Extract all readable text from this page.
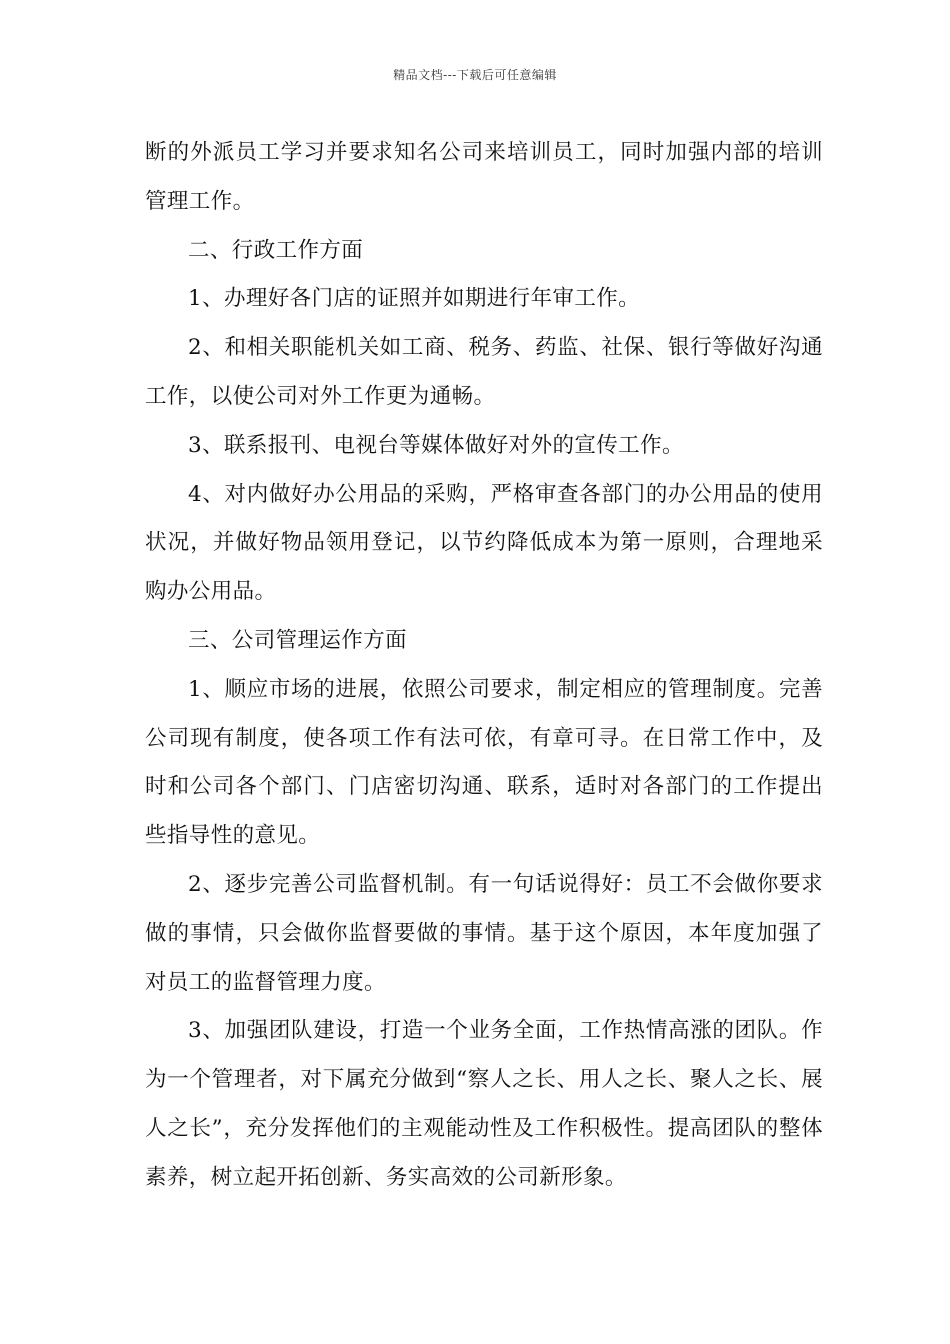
精品文档---下载后可任意编辑

断的外派员工学习并要求知名公司来培训员工，同时加强内部的培训管理工作。

二、行政工作方面

1、办理好各门店的证照并如期进行年审工作。

2、和相关职能机关如工商、税务、药监、社保、银行等做好沟通工作，以使公司对外工作更为通畅。

3、联系报刊、电视台等媒体做好对外的宣传工作。

4、对内做好办公用品的采购，严格审查各部门的办公用品的使用状况，并做好物品领用登记，以节约降低成本为第一原则，合理地采购办公用品。

三、公司管理运作方面

1、顺应市场的进展，依照公司要求，制定相应的管理制度。完善公司现有制度，使各项工作有法可依，有章可寻。在日常工作中，及时和公司各个部门、门店密切沟通、联系，适时对各部门的工作提出些指导性的意见。

2、逐步完善公司监督机制。有一句话说得好：员工不会做你要求做的事情，只会做你监督要做的事情。基于这个原因，本年度加强了对员工的监督管理力度。

3、加强团队建设，打造一个业务全面，工作热情高涨的团队。作为一个管理者，对下属充分做到“察人之长、用人之长、聚人之长、展人之长”，充分发挥他们的主观能动性及工作积极性。提高团队的整体素养，树立起开拓创新、务实高效的公司新形象。
